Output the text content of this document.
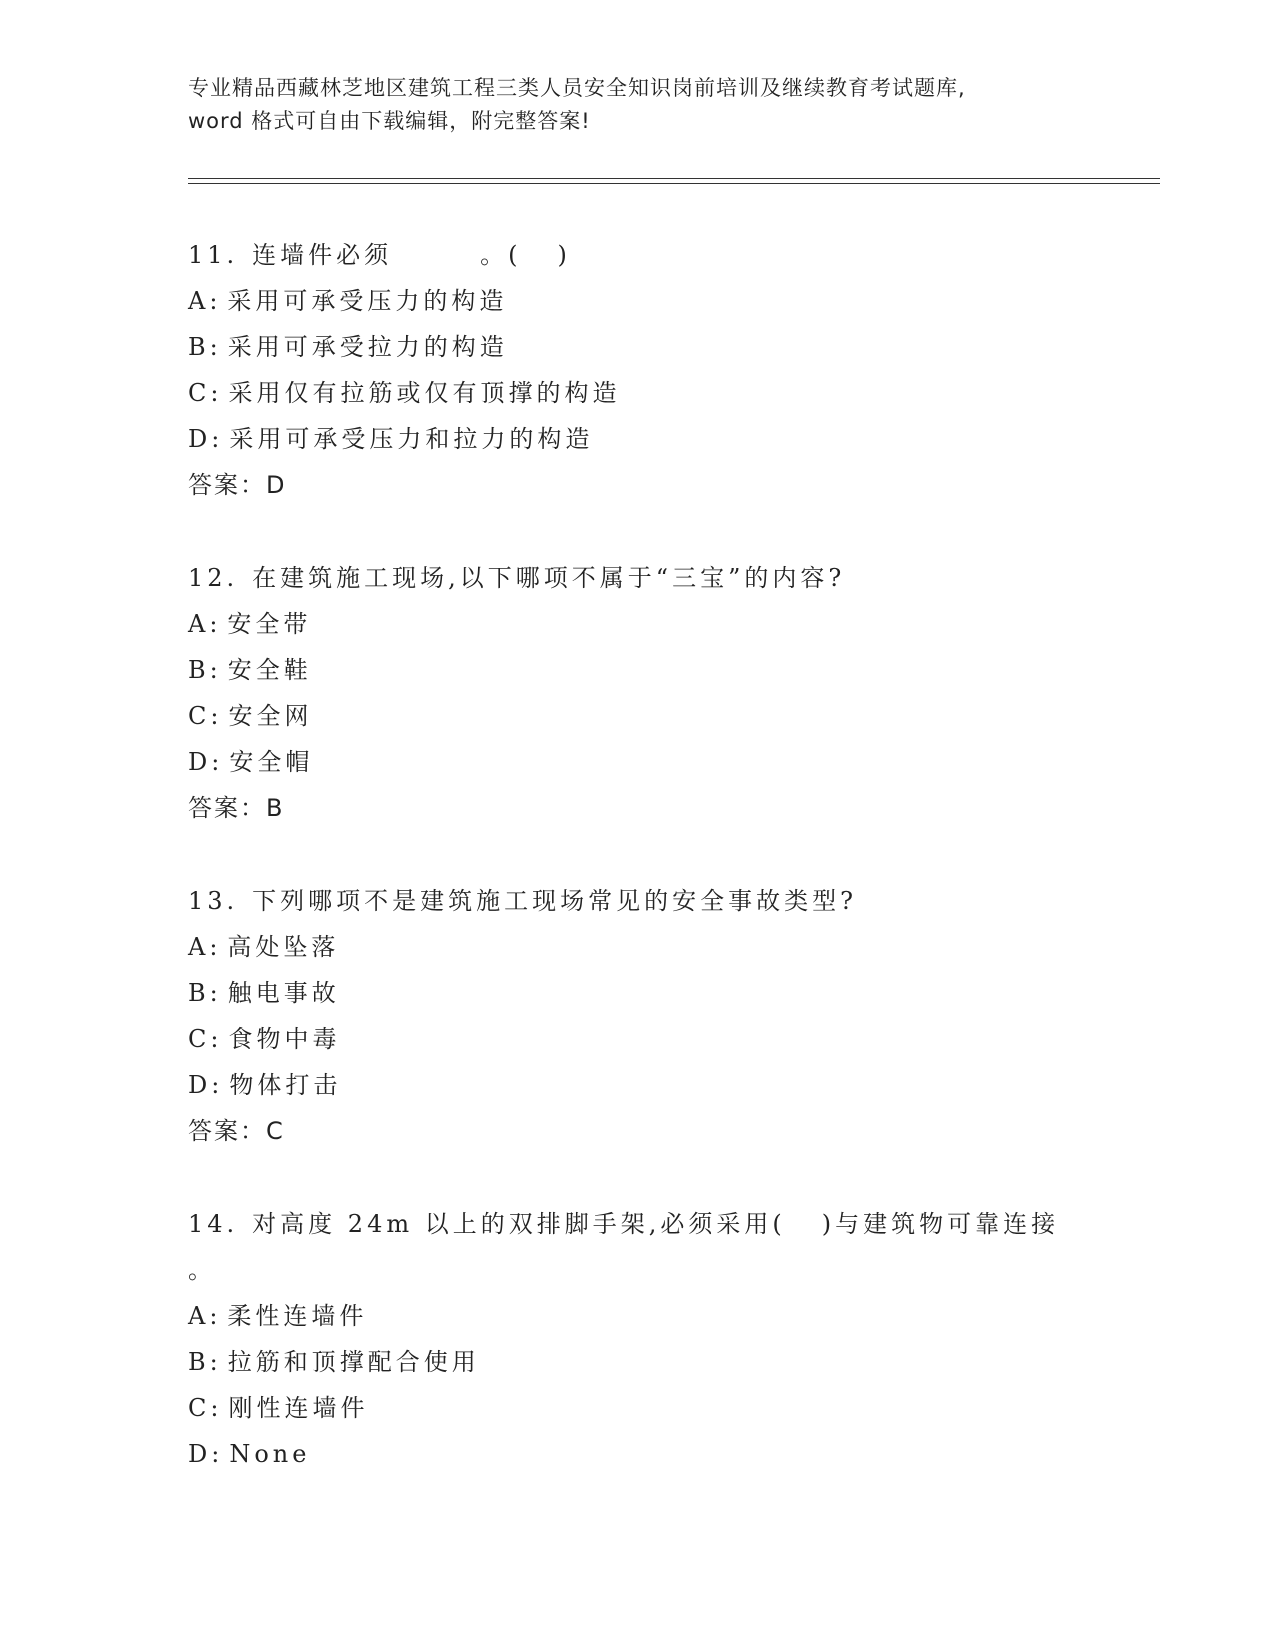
专业精品西藏林芝地区建筑工程三类人员安全知识岗前培训及继续教育考试题库,
word 格式可自由下载编辑，附完整答案!
11. 连墙件必须	。( )
A: 采用可承受压力的构造
B: 采用可承受拉力的构造
C: 采用仅有拉筋或仅有顶撑的构造
D: 采用可承受压力和拉力的构造
答案：D
12. 在建筑施工现场,以下哪项不属于“三宝”的内容?
A: 安全带
B: 安全鞋
C: 安全网
D: 安全帽
答案：B
13. 下列哪项不是建筑施工现场常见的安全事故类型?
A: 高处坠落
B: 触电事故
C: 食物中毒
D: 物体打击
答案：C
14. 对高度 24m 以上的双排脚手架,必须采用( )与建筑物可靠连接
。
A: 柔性连墙件
B: 拉筋和顶撑配合使用
C: 刚性连墙件
D: None
